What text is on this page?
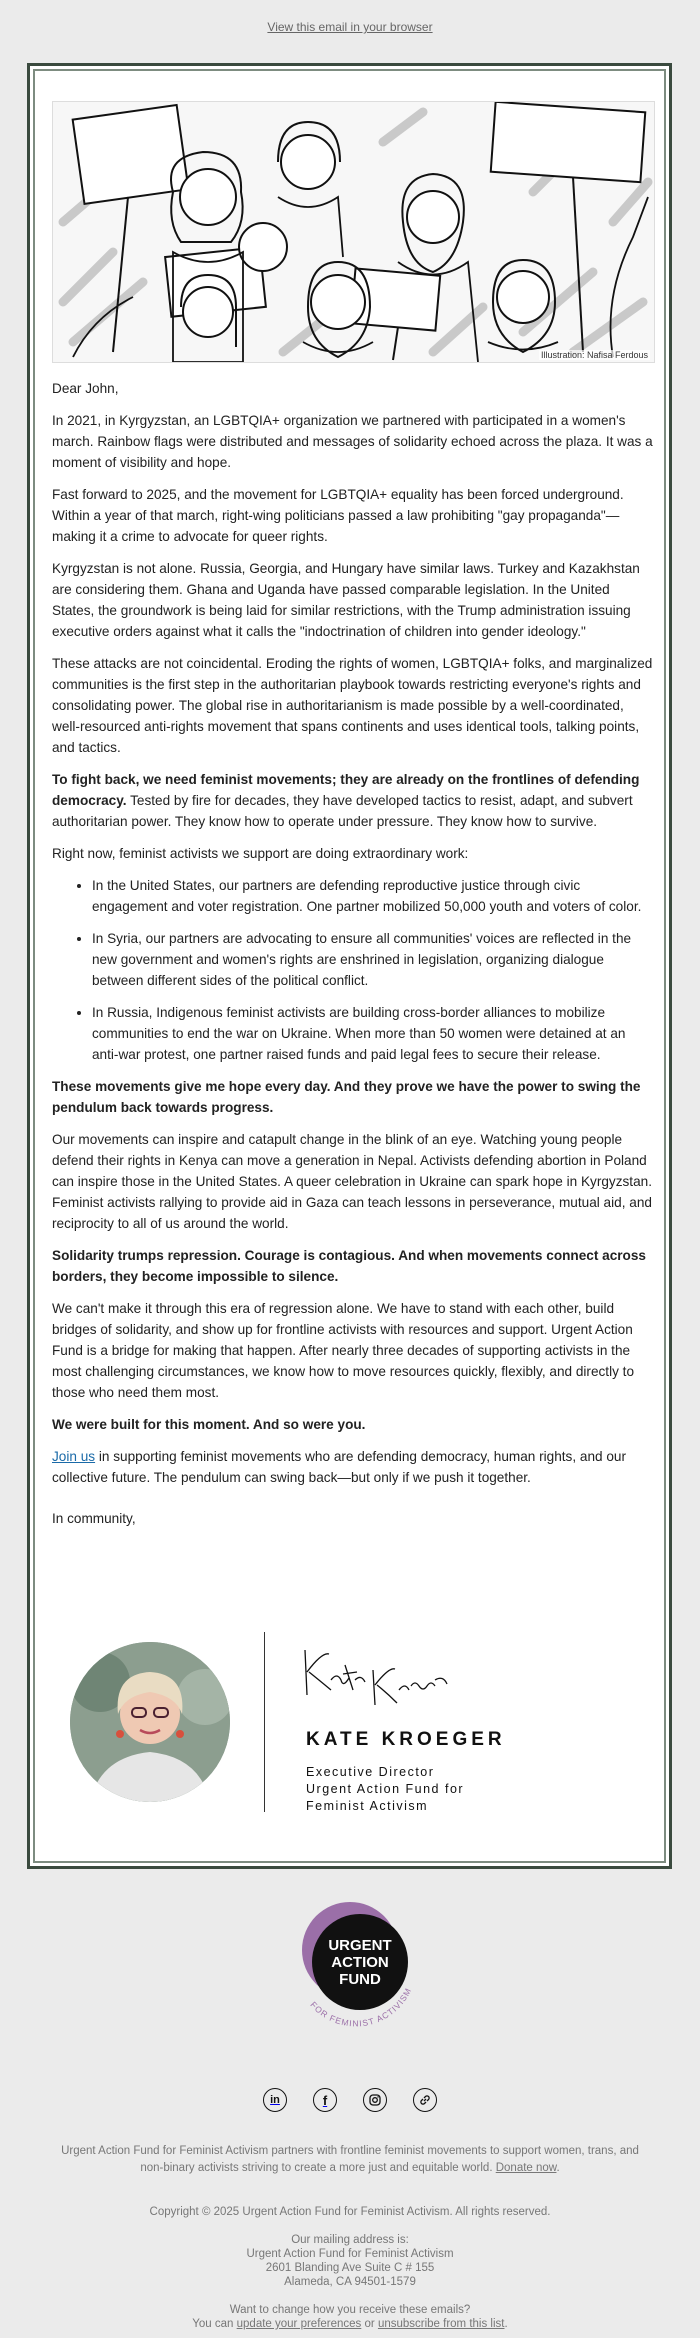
View this email in your browser
Illustration: Nafisa Ferdous

Dear John,

In 2021, in Kyrgyzstan, an LGBTQIA+ organization we partnered with participated in a women's march. Rainbow flags were distributed and messages of solidarity echoed across the plaza. It was a moment of visibility and hope.

Fast forward to 2025, and the movement for LGBTQIA+ equality has been forced underground. Within a year of that march, right-wing politicians passed a law prohibiting "gay propaganda"—making it a crime to advocate for queer rights.

Kyrgyzstan is not alone. Russia, Georgia, and Hungary have similar laws. Turkey and Kazakhstan are considering them. Ghana and Uganda have passed comparable legislation. In the United States, the groundwork is being laid for similar restrictions, with the Trump administration issuing executive orders against what it calls the "indoctrination of children into gender ideology."

These attacks are not coincidental. Eroding the rights of women, LGBTQIA+ folks, and marginalized communities is the first step in the authoritarian playbook towards restricting everyone's rights and consolidating power. The global rise in authoritarianism is made possible by a well-coordinated, well-resourced anti-rights movement that spans continents and uses identical tools, talking points, and tactics.

To fight back, we need feminist movements; they are already on the frontlines of defending democracy. Tested by fire for decades, they have developed tactics to resist, adapt, and subvert authoritarian power. They know how to operate under pressure. They know how to survive.

Right now, feminist activists we support are doing extraordinary work:

• In the United States, our partners are defending reproductive justice through civic engagement and voter registration. One partner mobilized 50,000 youth and voters of color.
• In Syria, our partners are advocating to ensure all communities' voices are reflected in the new government and women's rights are enshrined in legislation, organizing dialogue between different sides of the political conflict.
• In Russia, Indigenous feminist activists are building cross-border alliances to mobilize communities to end the war on Ukraine. When more than 50 women were detained at an anti-war protest, one partner raised funds and paid legal fees to secure their release.

These movements give me hope every day. And they prove we have the power to swing the pendulum back towards progress.

Our movements can inspire and catapult change in the blink of an eye. Watching young people defend their rights in Kenya can move a generation in Nepal. Activists defending abortion in Poland can inspire those in the United States. A queer celebration in Ukraine can spark hope in Kyrgyzstan. Feminist activists rallying to provide aid in Gaza can teach lessons in perseverance, mutual aid, and reciprocity to all of us around the world.

Solidarity trumps repression. Courage is contagious. And when movements connect across borders, they become impossible to silence.

We can't make it through this era of regression alone. We have to stand with each other, build bridges of solidarity, and show up for frontline activists with resources and support. Urgent Action Fund is a bridge for making that happen. After nearly three decades of supporting activists in the most challenging circumstances, we know how to move resources quickly, flexibly, and directly to those who need them most.

We were built for this moment. And so were you.

Join us in supporting feminist movements who are defending democracy, human rights, and our collective future. The pendulum can swing back—but only if we push it together.

In community,

KATE KROEGER
Executive Director
Urgent Action Fund for
Feminist Activism
URGENT
ACTION
FUND
FOR FEMINIST ACTIVISM
in	f
Urgent Action Fund for Feminist Activism partners with frontline feminist movements to support women, trans, and non-binary activists striving to create a more just and equitable world. Donate now.
Copyright © 2025 Urgent Action Fund for Feminist Activism. All rights reserved.
Our mailing address is:
Urgent Action Fund for Feminist Activism
2601 Blanding Ave Suite C # 155
Alameda, CA 94501-1579
Want to change how you receive these emails?
You can update your preferences or unsubscribe from this list.
